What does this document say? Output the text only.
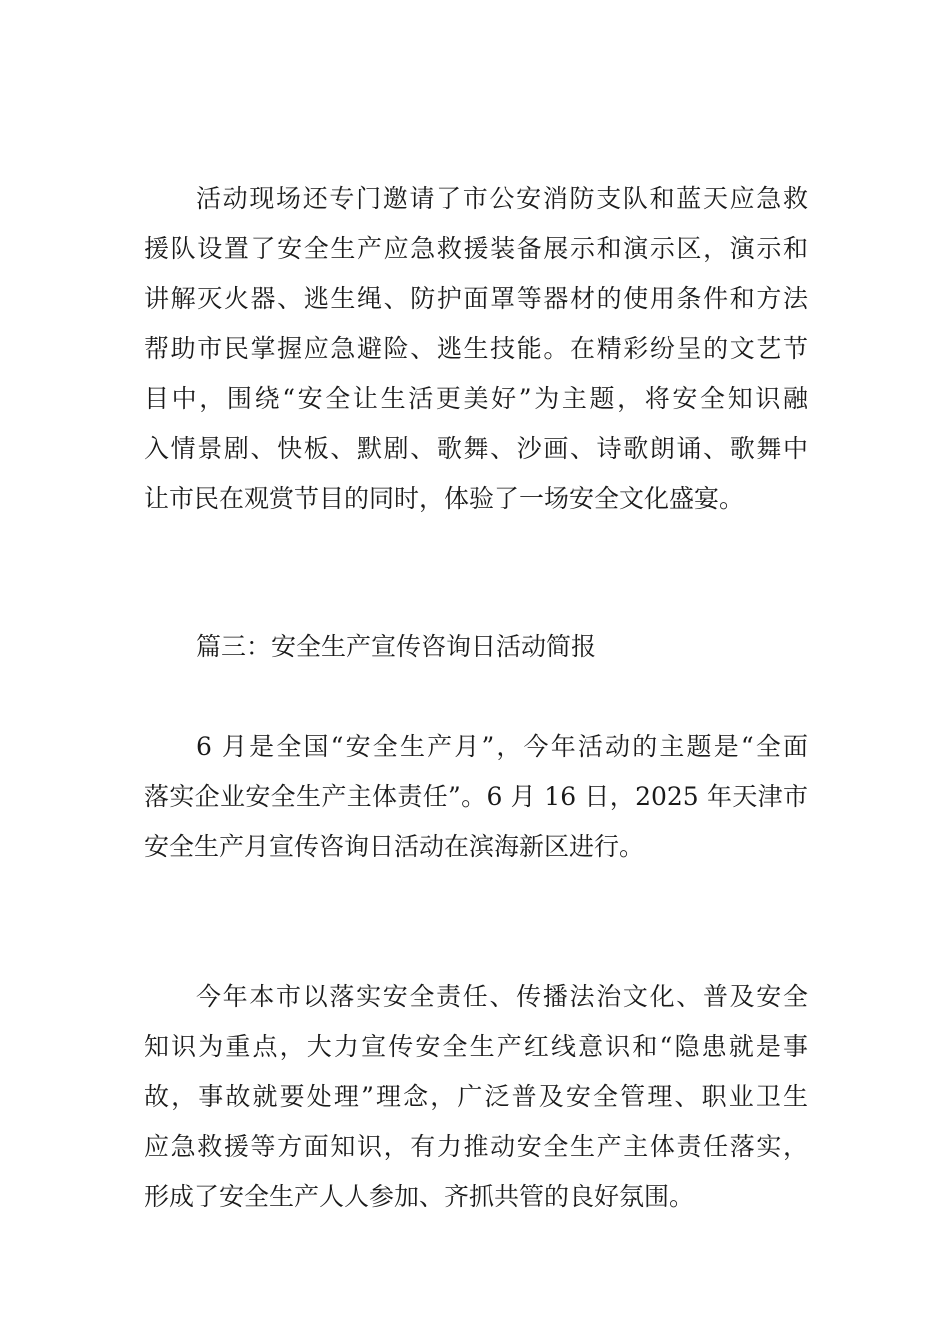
活动现场还专门邀请了市公安消防支队和蓝天应急救
援队设置了安全生产应急救援装备展示和演示区，演示和
讲解灭火器、逃生绳、防护面罩等器材的使用条件和方法
帮助市民掌握应急避险、逃生技能。在精彩纷呈的文艺节
目中，围绕“安全让生活更美好”为主题，将安全知识融
入情景剧、快板、默剧、歌舞、沙画、诗歌朗诵、歌舞中
让市民在观赏节目的同时，体验了一场安全文化盛宴。
篇三：安全生产宣传咨询日活动简报
6 月是全国“安全生产月”，今年活动的主题是“全面
落实企业安全生产主体责任”。6 月 16 日，2025 年天津市
安全生产月宣传咨询日活动在滨海新区进行。
今年本市以落实安全责任、传播法治文化、普及安全
知识为重点，大力宣传安全生产红线意识和“隐患就是事
故，事故就要处理”理念，广泛普及安全管理、职业卫生
应急救援等方面知识，有力推动安全生产主体责任落实，
形成了安全生产人人参加、齐抓共管的良好氛围。
